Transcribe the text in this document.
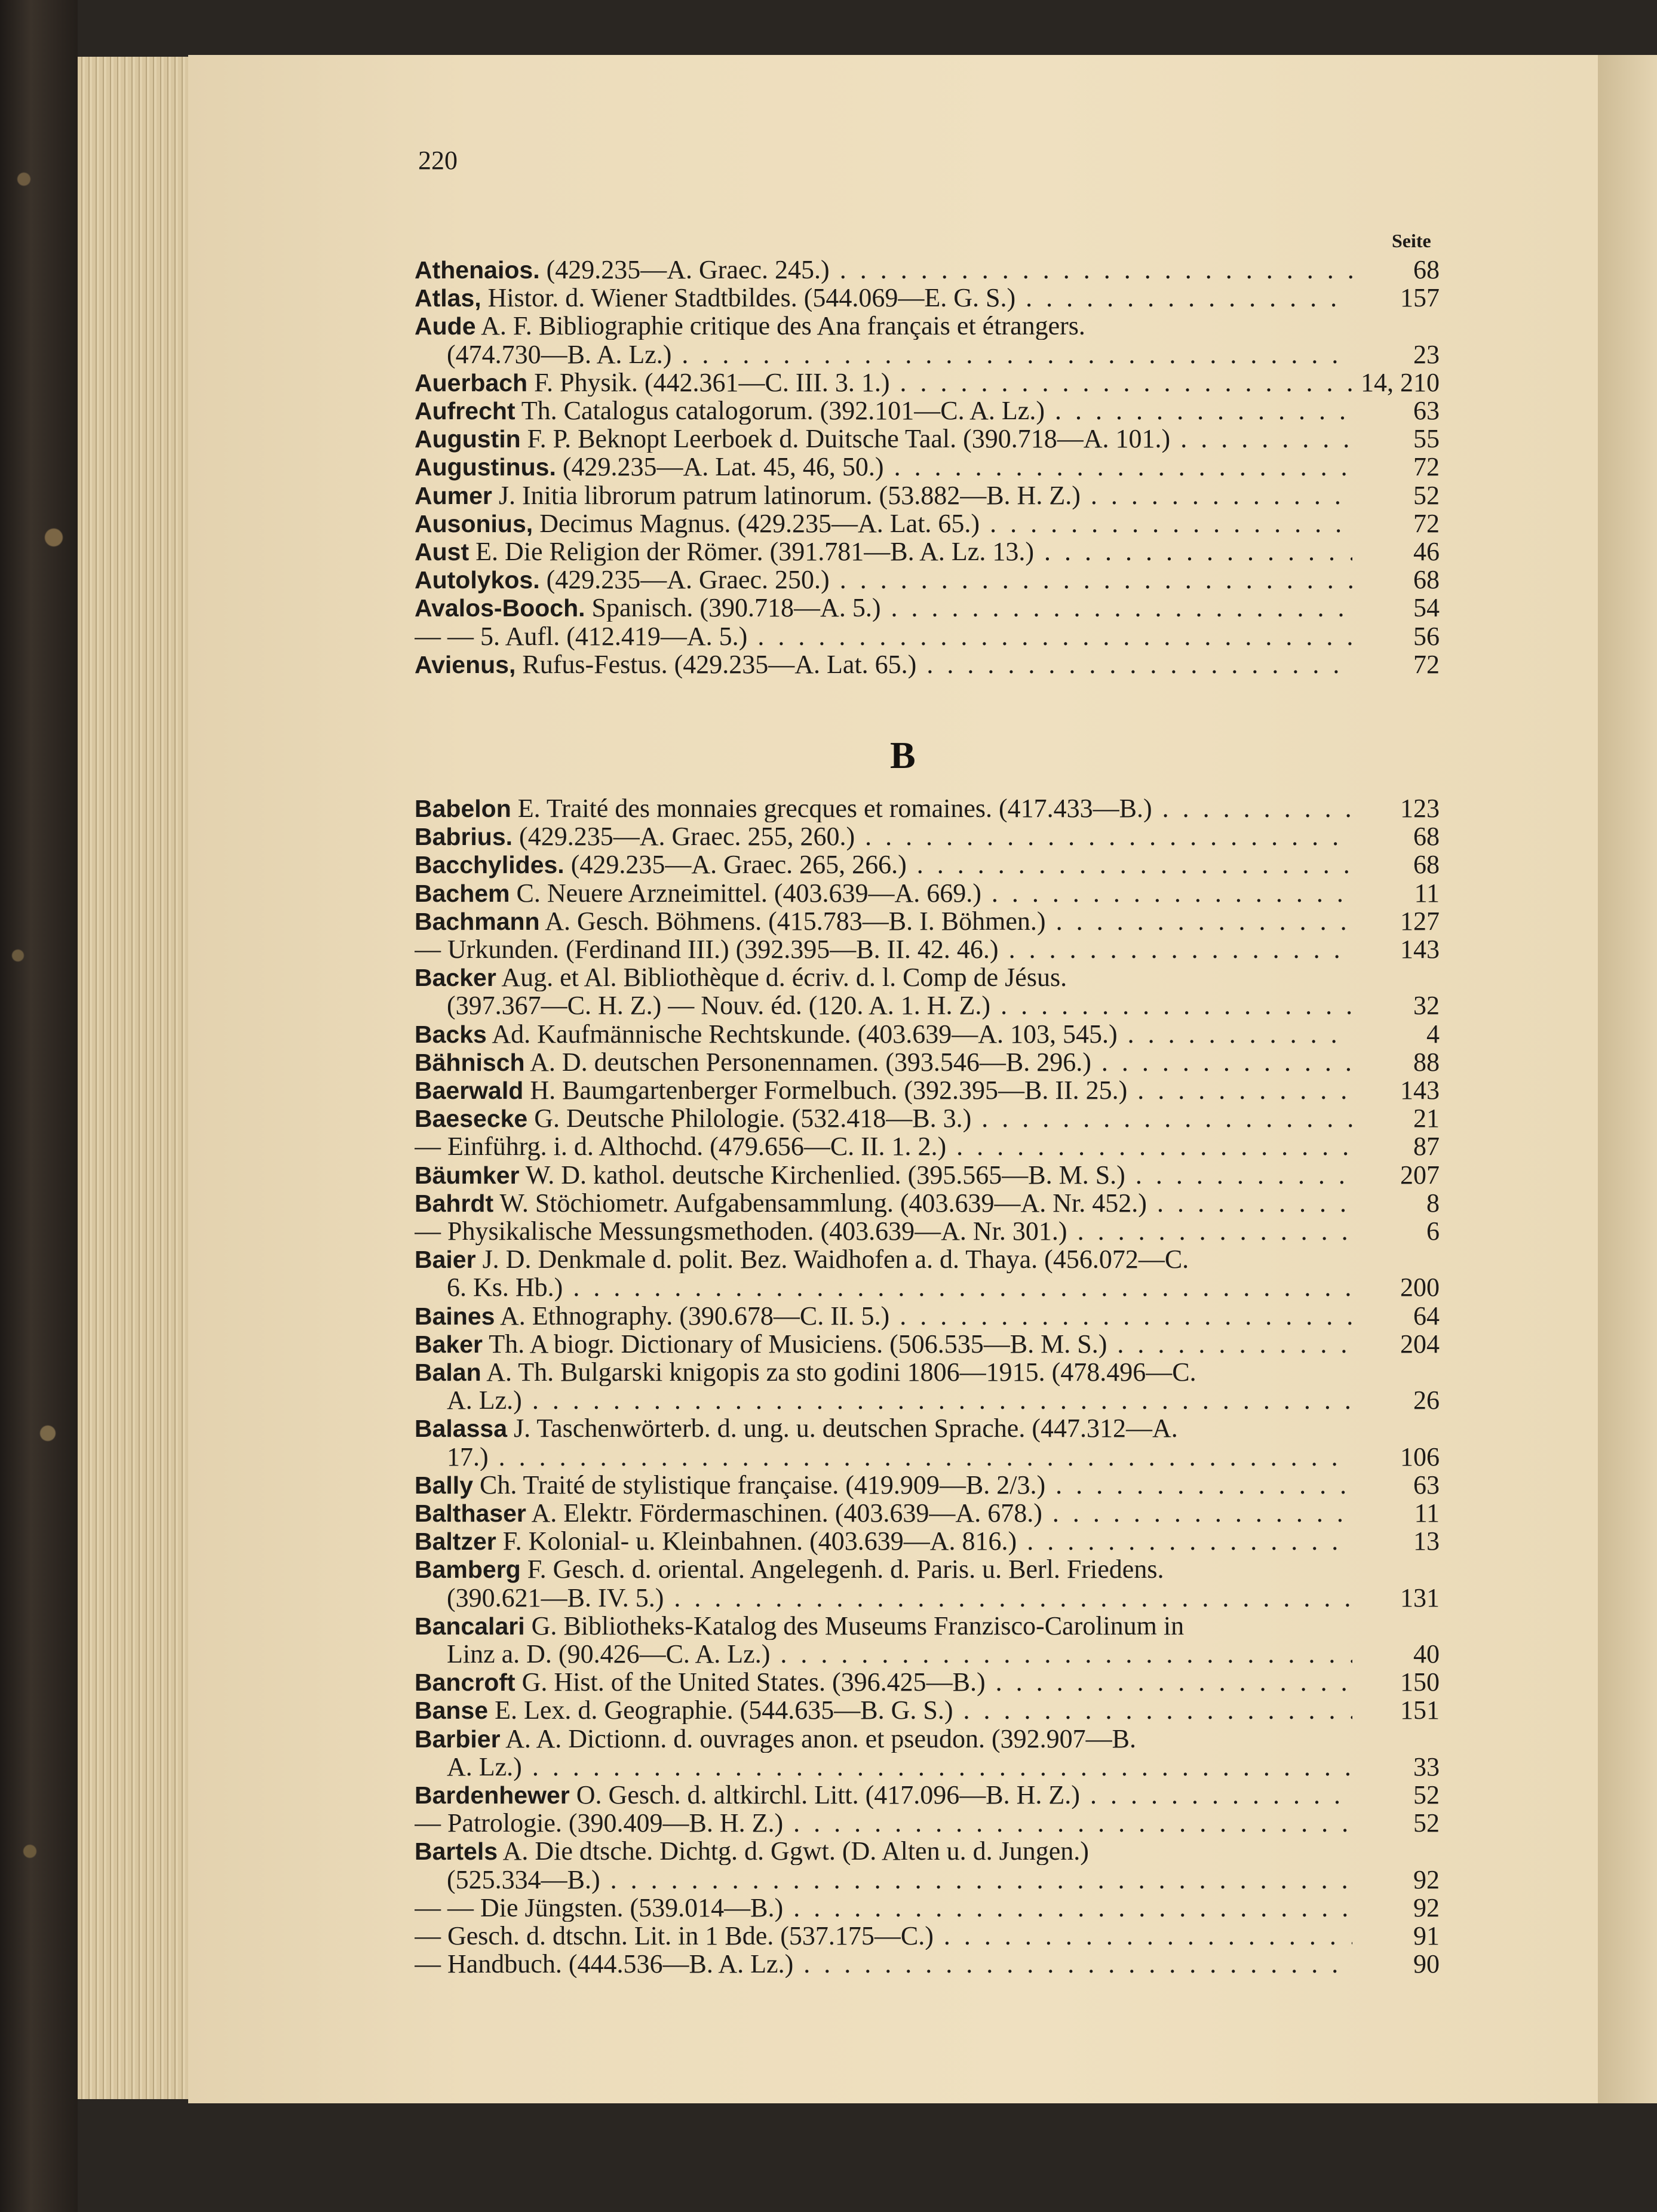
220
Seite
B
Athenaios. (429.235—A. Graec. 245.) . . .	68
Atlas, Histor. d. Wiener Stadtbildes. (544.069—E. G. S.) . . .	157
Aude A. F. Bibliographie critique des Ana français et étrangers.
(474.730—B. A. Lz.) . . .	23
Auerbach F. Physik. (442.361—C. III. 3. 1.) . . .	14, 210
Aufrecht Th. Catalogus catalogorum. (392.101—C. A. Lz.) . . .	63
Augustin F. P. Beknopt Leerboek d. Duitsche Taal. (390.718—A. 101.) . . .	55
Augustinus. (429.235—A. Lat. 45, 46, 50.) . . .	72
Aumer J. Initia librorum patrum latinorum. (53.882—B. H. Z.) . . .	52
Ausonius, Decimus Magnus. (429.235—A. Lat. 65.) . . .	72
Aust E. Die Religion der Römer. (391.781—B. A. Lz. 13.) . . .	46
Autolykos. (429.235—A. Graec. 250.) . . .	68
Avalos-Booch. Spanisch. (390.718—A. 5.) . . .	54
— — 5. Aufl. (412.419—A. 5.) . . .	56
Avienus, Rufus-Festus. (429.235—A. Lat. 65.) . . .	72
Babelon E. Traité des monnaies grecques et romaines. (417.433—B.) . . .	123
Babrius. (429.235—A. Graec. 255, 260.) . . .	68
Bacchylides. (429.235—A. Graec. 265, 266.) . . .	68
Bachem C. Neuere Arzneimittel. (403.639—A. 669.) . . .	11
Bachmann A. Gesch. Böhmens. (415.783—B. I. Böhmen.) . . .	127
— Urkunden. (Ferdinand III.) (392.395—B. II. 42. 46.) . . .	143
Backer Aug. et Al. Bibliothèque d. écriv. d. l. Comp de Jésus.
(397.367—C. H. Z.) — Nouv. éd. (120. A. 1. H. Z.) . . .	32
Backs Ad. Kaufmännische Rechtskunde. (403.639—A. 103, 545.) . . .	4
Bähnisch A. D. deutschen Personennamen. (393.546—B. 296.) . . .	88
Baerwald H. Baumgartenberger Formelbuch. (392.395—B. II. 25.) . . .	143
Baesecke G. Deutsche Philologie. (532.418—B. 3.) . . .	21
— Einführg. i. d. Althochd. (479.656—C. II. 1. 2.) . . .	87
Bäumker W. D. kathol. deutsche Kirchenlied. (395.565—B. M. S.) . . .	207
Bahrdt W. Stöchiometr. Aufgabensammlung. (403.639—A. Nr. 452.) . . .	8
— Physikalische Messungsmethoden. (403.639—A. Nr. 301.) . . .	6
Baier J. D. Denkmale d. polit. Bez. Waidhofen a. d. Thaya. (456.072—C.
6. Ks. Hb.) . . .	200
Baines A. Ethnography. (390.678—C. II. 5.) . . .	64
Baker Th. A biogr. Dictionary of Musiciens. (506.535—B. M. S.) . . .	204
Balan A. Th. Bulgarski knigopis za sto godini 1806—1915. (478.496—C.
A. Lz.) . . .	26
Balassa J. Taschenwörterb. d. ung. u. deutschen Sprache. (447.312—A.
17.) . . .	106
Bally Ch. Traité de stylistique française. (419.909—B. 2/3.) . . .	63
Balthaser A. Elektr. Fördermaschinen. (403.639—A. 678.) . . .	11
Baltzer F. Kolonial- u. Kleinbahnen. (403.639—A. 816.) . . .	13
Bamberg F. Gesch. d. oriental. Angelegenh. d. Paris. u. Berl. Friedens.
(390.621—B. IV. 5.) . . .	131
Bancalari G. Bibliotheks-Katalog des Museums Franzisco-Carolinum in
Linz a. D. (90.426—C. A. Lz.) . . .	40
Bancroft G. Hist. of the United States. (396.425—B.) . . .	150
Banse E. Lex. d. Geographie. (544.635—B. G. S.) . . .	151
Barbier A. A. Dictionn. d. ouvrages anon. et pseudon. (392.907—B.
A. Lz.) . . .	33
Bardenhewer O. Gesch. d. altkirchl. Litt. (417.096—B. H. Z.) . . .	52
— Patrologie. (390.409—B. H. Z.) . . .	52
Bartels A. Die dtsche. Dichtg. d. Ggwt. (D. Alten u. d. Jungen.)
(525.334—B.) . . .	92
— — Die Jüngsten. (539.014—B.) . . .	92
— Gesch. d. dtschn. Lit. in 1 Bde. (537.175—C.) . . .	91
— Handbuch. (444.536—B. A. Lz.) . . .	90
